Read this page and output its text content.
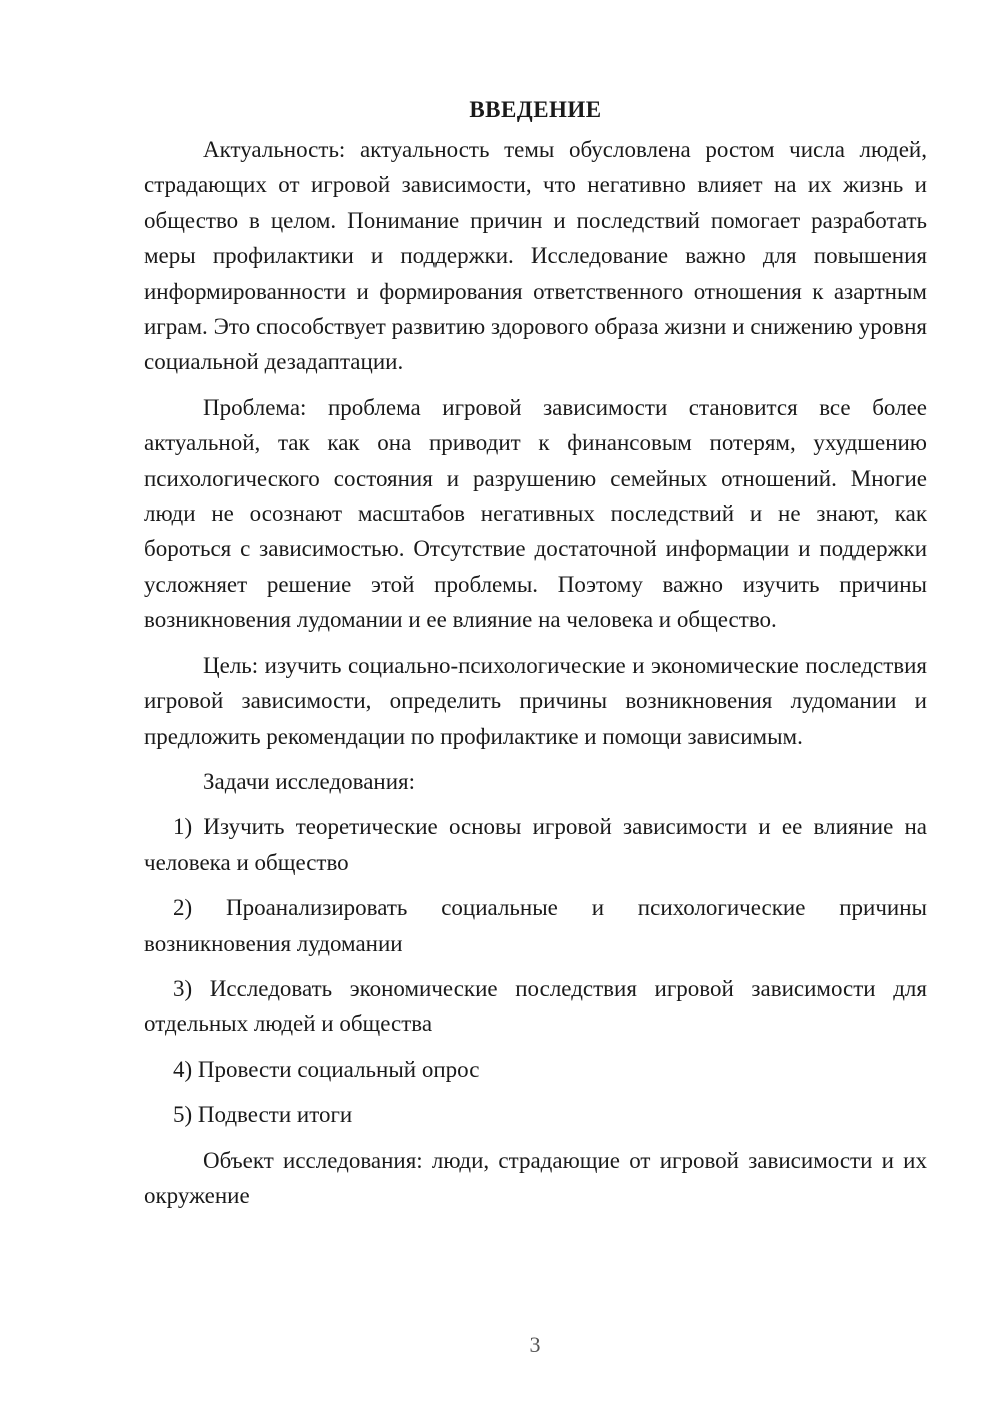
ВВЕДЕНИЕ

Актуальность: актуальность темы обусловлена ростом числа людей, страдающих от игровой зависимости, что негативно влияет на их жизнь и общество в целом. Понимание причин и последствий помогает разработать меры профилактики и поддержки. Исследование важно для повышения информированности и формирования ответственного отношения к азартным играм. Это способствует развитию здорового образа жизни и снижению уровня социальной дезадаптации.

Проблема: проблема игровой зависимости становится все более актуальной, так как она приводит к финансовым потерям, ухудшению психологического состояния и разрушению семейных отношений. Многие люди не осознают масштабов негативных последствий и не знают, как бороться с зависимостью. Отсутствие достаточной информации и поддержки усложняет решение этой проблемы. Поэтому важно изучить причины возникновения лудомании и ее влияние на человека и общество.

Цель: изучить социально-психологические и экономические последствия игровой зависимости, определить причины возникновения лудомании и предложить рекомендации по профилактике и помощи зависимым.

Задачи исследования:

1) Изучить теоретические основы игровой зависимости и ее влияние на человека и общество

2) Проанализировать социальные и психологические причины возникновения лудомании

3) Исследовать экономические последствия игровой зависимости для отдельных людей и общества

4) Провести социальный опрос

5) Подвести итоги

Объект исследования: люди, страдающие от игровой зависимости и их окружение

3
